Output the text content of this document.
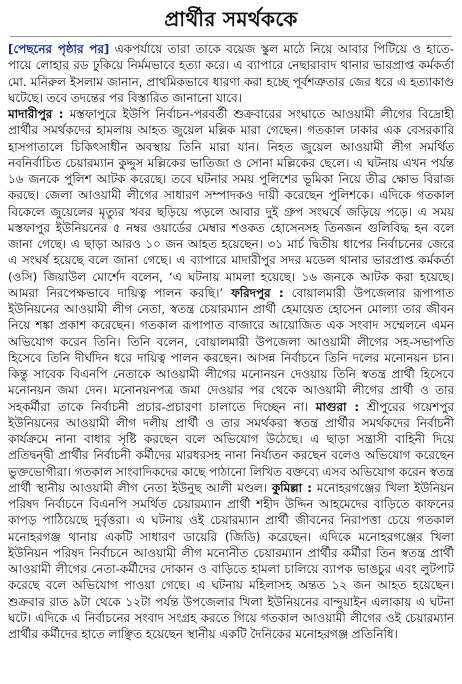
প্রার্থীর সমর্থককে
[পেছনের পৃষ্ঠার পর] একপর্যায়ে তারা তাকে বয়েজ স্কুল মাঠে নিয়ে আবার পিটিয়ে ও হাতে-পায়ে লোহার রড ঢুকিয়ে নির্মমভাবে হত্যা করে। এ ব্যাপারে নেছারাবাদ থানার ভারপ্রাপ্ত কর্মকর্তা মো. মনিরুল ইসলাম জানান, প্রাথমিকভাবে ধারণা করা হচ্ছে পূর্বশত্রুতার জের ধরে এ হত্যাকাণ্ড ঘটেছে। তবে তদন্তের পর বিস্তারিত জানানো যাবে।
মাদারীপুর : মস্তফাপুরে ইউপি নির্বাচন-পরবর্তী শুক্রবারের সংঘাতে আওয়ামী লীগের বিদ্রোহী প্রার্থীর সমর্থকদের হামলায় আহত জুয়েল মল্লিক মারা গেছেন। গতকাল ঢাকার এক বেসরকারি হাসপাতালে চিকিৎসাধীন অবস্থায় তিনি মারা যান। নিহত জুয়েল আওয়ামী লীগ সমর্থিত নবনির্বাচিত চেয়ারম্যান কুদ্দুস মল্লিকের ভাতিজা ও সোনা মল্লিকের ছেলে। এ ঘটনায় এখন পর্যন্ত ১৬ জনকে পুলিশ আটক করেছে। তবে ঘটনার সময় পুলিশের ভূমিকা নিয়ে তীব্র ক্ষোভ বিরাজ করছে। জেলা আওয়ামী লীগের সাধারণ সম্পাদকও দায়ী করেছেন পুলিশকে। এদিকে গতকাল বিকেলে জুয়েলের মৃত্যুর খবর ছড়িয়ে পড়লে আবার দুই গ্রুপ সংঘর্ষে জড়িয়ে পড়ে। এ সময় মস্তফাপুর ইউনিয়নের ৫ নম্বর ওয়ার্ডের মেম্বার শওকত হোসেনসহ তিনজন গুলিবিদ্ধ হন বলে জানা গেছে। এ ছাড়া আরও ১০ জন আহত হয়েছেন। ৩১ মার্চ দ্বিতীয় ধাপের নির্বাচনের জেরে এ সংঘর্ষ হয়েছে বলে জানা গেছে। এ ব্যাপারে মাদারীপুর সদর মডেল থানার ভারপ্রাপ্ত কর্মকর্তা (ওসি) জিয়াউল মোর্শেদ বলেন, ‘এ ঘটনায় মামলা হয়েছে। ১৬ জনকে আটক করা হয়েছে। আমরা নিরপেক্ষভাবে দায়িত্ব পালন করছি।’ ফরিদপুর : বোয়ালমারী উপজেলার রূপাপাত ইউনিয়নের আওয়ামী লীগ নেতা, স্বতন্ত্র চেয়ারম্যান প্রার্থী হেমায়েত হোসেন মোল্যা তার জীবন নিয়ে শঙ্কা প্রকাশ করেছেন। গতকাল রূপাপাত বাজারে আয়োজিত এক সংবাদ সম্মেলনে এমন অভিযোগ করেন তিনি। তিনি বলেন, বোয়ালমারী উপজেলা আওয়ামী লীগের সহ-সভাপতি হিসেবে তিনি দীর্ঘদিন ধরে দায়িত্ব পালন করছেন। আসন্ন নির্বাচনে তিনি দলের মনোনয়ন চান। কিন্তু সাবেক বিএনপি নেতাকে আওয়ামী লীগের মনোনয়ন দেওয়ায় তিনি স্বতন্ত্র প্রার্থী হিসেবে মনোনয়ন জমা দেন। মনোনয়নপত্র জমা দেওয়ার পর থেকে আওয়ামী লীগের প্রার্থী ও তার সহকর্মীরা তাকে নির্বাচনী প্রচার-প্রচারণা চালাতে দিচ্ছেন না। মাগুরা : শ্রীপুরের গয়েশপুর ইউনিয়নের আওয়ামী লীগ দলীয় প্রার্থী ও তার সমর্থকরা স্বতন্ত্র প্রার্থীর সমর্থকদের নির্বাচনী কার্যক্রমে নানা বাধার সৃষ্টি করছেন বলে অভিযোগ উঠেছে। এ ছাড়া সন্ত্রাসী বাহিনী দিয়ে প্রতিদ্বন্দ্বী প্রার্থীর নির্বাচনী কর্মীদের মারধরসহ নানা নির্যাতন করছেন বলেও অভিযোগ করেছেন ভুক্তভোগীরা। গতকাল সাংবাদিকদের কাছে পাঠানো লিখিত বক্তব্যে এসব অভিযোগ করেন স্বতন্ত্র প্রার্থী স্থানীয় আওয়ামী লীগ নেতা ইউনুছ আলী মণ্ডল। কুমিল্লা : মনোহরগঞ্জের খিলা ইউনিয়ন পরিষদ নির্বাচনে বিএনপি সমর্থিত চেয়ারম্যান প্রার্থী শহীদ উদ্দিন আহমেদের বাড়িতে কাফনের কাপড় পাঠিয়েছে দুর্বৃত্তরা। এ ঘটনায় ওই চেয়ারম্যান প্রার্থী জীবনের নিরাপত্তা চেয়ে গতকাল মনোহরগঞ্জ থানায় একটি সাধারণ ডায়েরি (জিডি) করেছেন। এদিকে মনোহরগঞ্জের খিলা ইউনিয়ন পরিষদ নির্বাচনে আওয়ামী লীগ মনোনীত চেয়ারম্যান প্রার্থীর কর্মীরা তিন স্বতন্ত্র প্রার্থী আওয়ামী লীগের নেতা-কর্মীদের দোকান ও বাড়িতে হামলা চালিয়ে ব্যাপক ভাঙচুর এবং লুটপাট করেছে বলে অভিযোগ পাওয়া গেছে। এ ঘটনায় মহিলাসহ অন্তত ১২ জন আহত হয়েছেন। শুক্রবার রাত ৯টা থেকে ১২টা পর্যন্ত উপজেলার খিলা ইউনিয়নের বান্দুয়াইন এলাকায় এ ঘটনা ঘটে। এদিকে এ নির্বাচনের সংবাদ সংগ্রহ করতে গিয়ে গতকাল আওয়ামী লীগের ওই চেয়ারম্যান প্রার্থীর কর্মীদের হাতে লাঞ্ছিত হয়েছেন স্থানীয় একটি দৈনিকের মনোহরগঞ্জ প্রতিনিধি।
